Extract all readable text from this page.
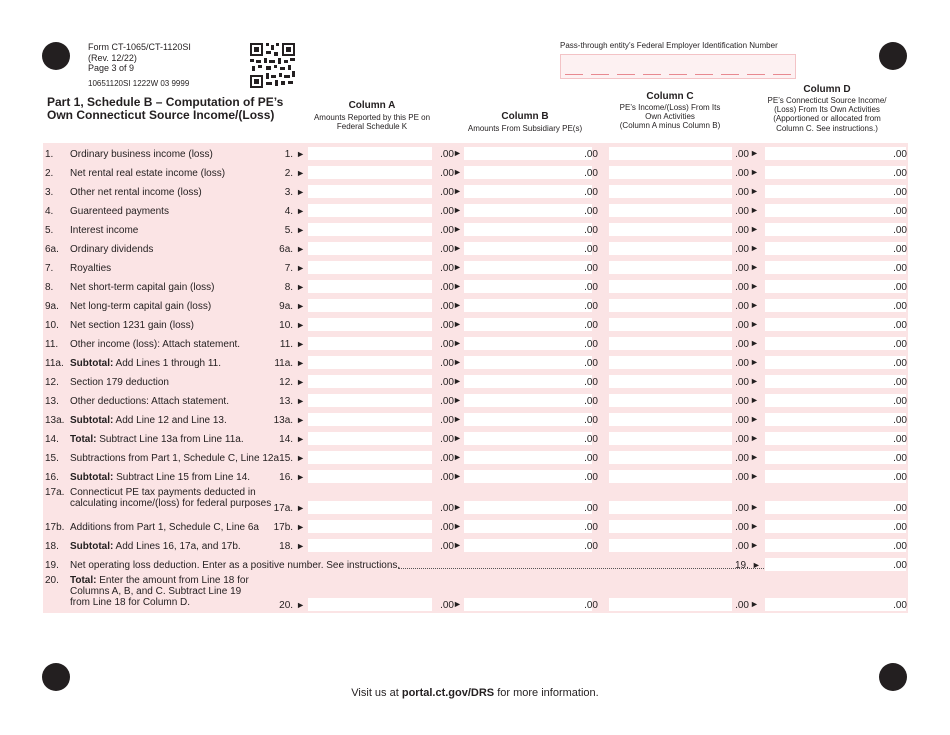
Form CT-1065/CT-1120SI
(Rev. 12/22)
Page 3 of 9
10651120SI 1222W 03 9999
Pass-through entity’s Federal Employer Identification Number
Part 1, Schedule B – Computation of PE’s
Own Connecticut Source Income/(Loss)
Column A
Amounts Reported by this PE on
Federal Schedule K
Column B
Amounts From Subsidiary PE(s)
Column C
PE’s Income/(Loss) From Its
Own Activities
(Column A minus Column B)
Column D
PE’s Connecticut Source Income/
(Loss) From Its Own Activities
(Apportioned or allocated from
Column C. See instructions.)
1. Ordinary business income (loss)	1. ►	.00 ►	.00	.00 ►	.00
2. Net rental real estate income (loss)	2. ►	.00 ►	.00	.00 ►	.00
3. Other net rental income (loss)	3. ►	.00 ►	.00	.00 ►	.00
4. Guarenteed payments	4. ►	.00 ►	.00	.00 ►	.00
5. Interest income	5. ►	.00 ►	.00	.00 ►	.00
6a. Ordinary dividends	6a. ►	.00 ►	.00	.00 ►	.00
7. Royalties	7. ►	.00 ►	.00	.00 ►	.00
8. Net short-term capital gain (loss)	8. ►	.00 ►	.00	.00 ►	.00
9a. Net long-term capital gain (loss)	9a. ►	.00 ►	.00	.00 ►	.00
10. Net section 1231 gain (loss)	10. ►	.00 ►	.00	.00 ►	.00
11. Other income (loss): Attach statement.	11. ►	.00 ►	.00	.00 ►	.00
11a. Subtotal: Add Lines 1 through 11.	11a. ►	.00 ►	.00	.00 ►	.00
12. Section 179 deduction	12. ►	.00 ►	.00	.00 ►	.00
13. Other deductions: Attach statement.	13. ►	.00 ►	.00	.00 ►	.00
13a. Subtotal: Add Line 12 and Line 13.	13a. ►	.00 ►	.00	.00 ►	.00
14. Total: Subtract Line 13a from Line 11a.	14. ►	.00 ►	.00	.00 ►	.00
15. Subtractions from Part 1, Schedule C, Line 12a 15. ►	.00 ►	.00	.00 ►	.00
16. Subtotal: Subtract Line 15 from Line 14.	16. ►	.00 ►	.00	.00 ►	.00
17a. Connecticut PE tax payments deducted in
calculating income/(loss) for federal purposes 17a. ►	.00 ►	.00	.00 ►	.00
17b. Additions from Part 1, Schedule C, Line 6a 17b. ►	.00 ►	.00	.00 ►	.00
18. Subtotal: Add Lines 16, 17a, and 17b.	18. ►	.00 ►	.00	.00 ►	.00
19. Net operating loss deduction. Enter as a positive number. See instructions.	19. ►	.00
20. Total: Enter the amount from Line 18 for
Columns A, B, and C. Subtract Line 19
from Line 18 for Column D.	20. ►	.00 ►	.00	.00 ►	.00
Visit us at portal.ct.gov/DRS for more information.
